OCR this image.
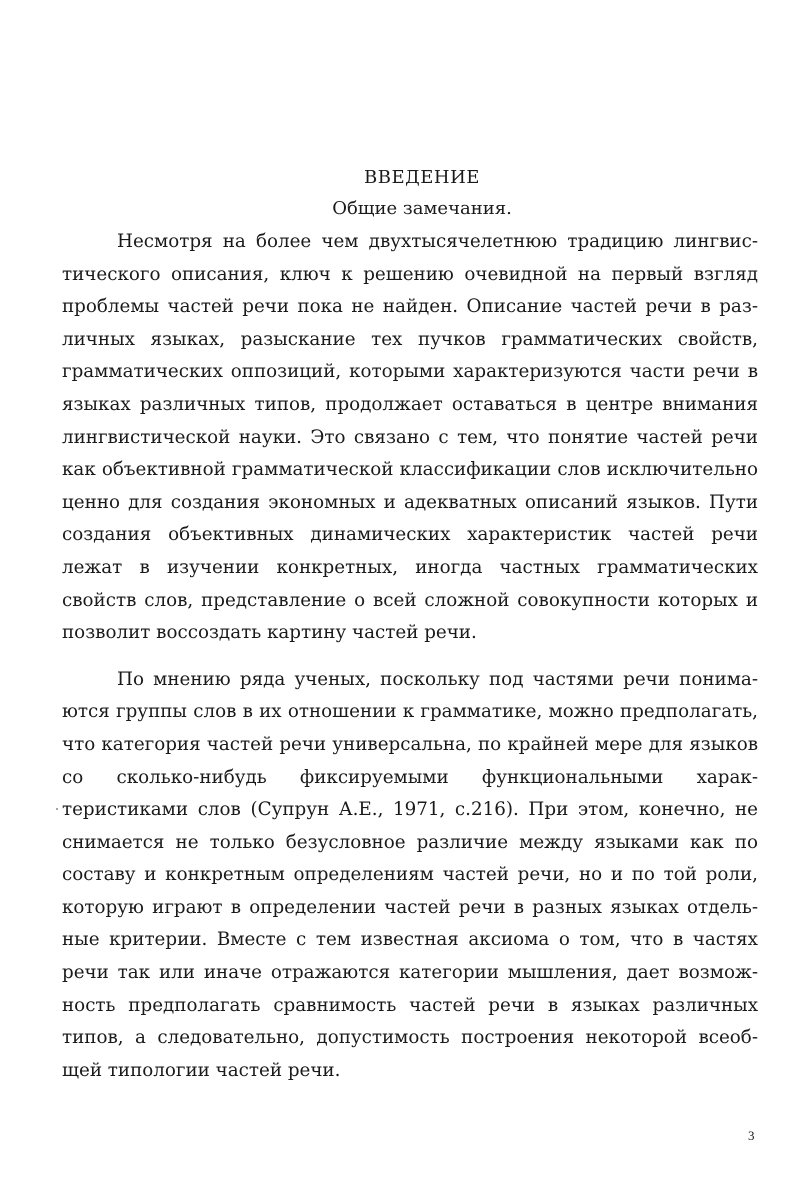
ВВЕДЕНИЕ
Общие замечания.

Несмотря на более чем двухтысячелетнюю традицию лингвистического описания, ключ к решению очевидной на первый взгляд проблемы частей речи пока не найден. Описание частей речи в различных языках, разыскание тех пучков грамматических свойств, грамматических оппозиций, которыми характеризуются части речи в языках различных типов, продолжает оставаться в центре внимания лингвистической науки. Это связано с тем, что понятие частей речи как объективной грамматической классификации слов исключительно ценно для создания экономных и адекватных описаний языков. Пути создания объективных динамических характеристик частей речи лежат в изучении конкретных, иногда частных грамматических свойств слов, представление о всей сложной совокупности которых и позволит воссоздать картину частей речи.

По мнению ряда ученых, поскольку под частями речи понимаются группы слов в их отношении к грамматике, можно предполагать, что категория частей речи универсальна, по крайней мере для языков со сколько-нибудь фиксируемыми функциональными характеристиками слов (Супрун А.Е., 1971, с.216). При этом, конечно, не снимается не только безусловное различие между языками как по составу и конкретным определениям частей речи, но и по той роли, которую играют в определении частей речи в разных языках отдельные критерии. Вместе с тем известная аксиома о том, что в частях речи так или иначе отражаются категории мышления, дает возможность предполагать сравнимость частей речи в языках различных типов, а следовательно, допустимость построения некоторой всеобщей типологии частей речи.

3
